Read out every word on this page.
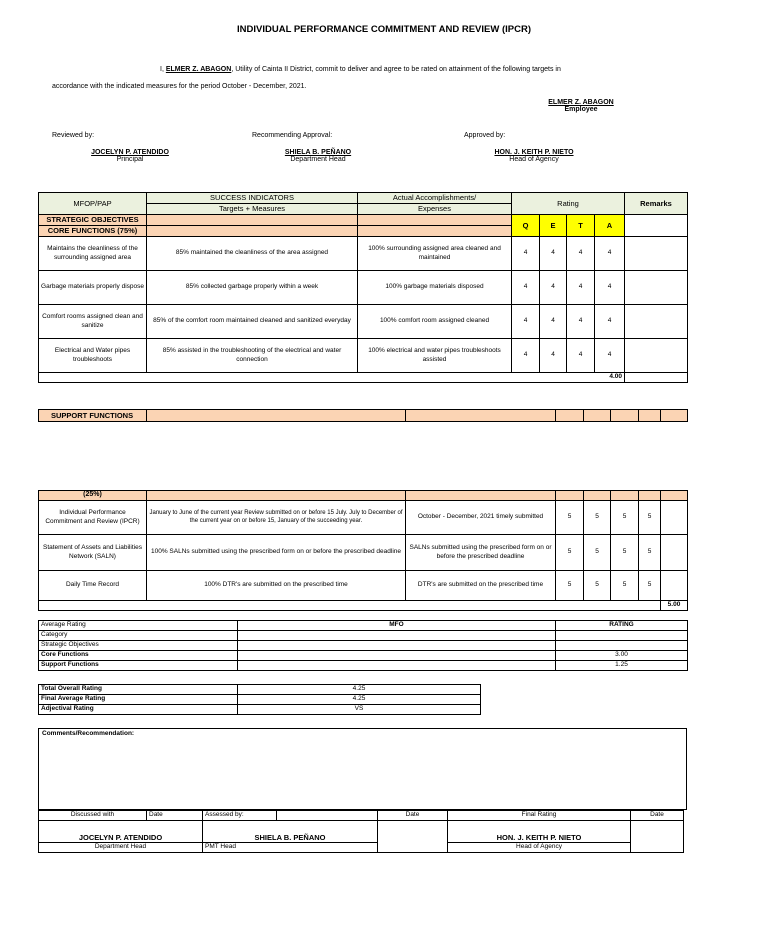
INDIVIDUAL PERFORMANCE COMMITMENT AND REVIEW (IPCR)
I, ELMER Z. ABAGON, Utility of Cainta II District, commit to deliver and agree to be rated on attainment of the following targets in
accordance with the indicated measures for the period October - December, 2021.
ELMER Z. ABAGON
Employee
Reviewed by:	Recommending Approval:	Approved by:
JOCELYN P. ATENDIDO
Principal
SHIELA B. PEÑANO
Department Head
HON. J. KEITH P. NIETO
Head of Agency
MFOP/PAP	SUCCESS INDICATORS	Actual Accomplishments/	Rating				Remarks
	Targets + Measures	Expenses					
STRATEGIC OBJECTIVES			Q	E	T	A	
CORE FUNCTIONS (75%)							
Maintains the cleanliness of the surrounding assigned area	85% maintained the cleanliness of the area assigned	100% surrounding assigned area cleaned and maintained	4	4	4	4	
Garbage materials properly dispose	85% collected garbage properly within a week	100% garbage materials disposed	4	4	4	4	
Comfort rooms assigned clean and sanitize	85% of the comfort room maintained cleaned and sanitized everyday	100% comfort room assigned cleaned	4	4	4	4	
Electrical and Water pipes troubleshoots	85% assisted in the troubleshooting of the electrical and water connection	100% electrical and water pipes troubleshoots assisted	4	4	4	4	
						4.00	
SUPPORT FUNCTIONS							
(25%)							
Individual Performance Commitment and Review (IPCR)	January to June of the current year Review submitted on or before 15 July. July to December of the current year on or before 15, January of the succeeding year.	October - December, 2021 timely submitted	5	5	5	5	
Statement of Assets and Liabilities Network (SALN)	100% SALNs submitted using the prescribed form on or before the prescribed deadline	SALNs submitted using the prescribed form on or before the prescribed deadline	5	5	5	5	
Daily Time Record	100% DTR's are submitted on the prescribed time	DTR's are submitted on the prescribed time	5	5	5	5	
							5.00
Average Rating	MFO	RATING
Category		
Strategic Objectives		
Core Functions		3.00
Support Functions		1.25
Total Overall Rating	4.25
Final Average Rating	4.25
Adjectival Rating	VS
Comments/Recommendation:
Discussed with	Date	Assessed by:		Date	Final Rating	Date
JOCELYN P. ATENDIDO		SHIELA B. PEÑANO			HON. J. KEITH P. NIETO	
Department Head		PMT Head			Head of Agency	
